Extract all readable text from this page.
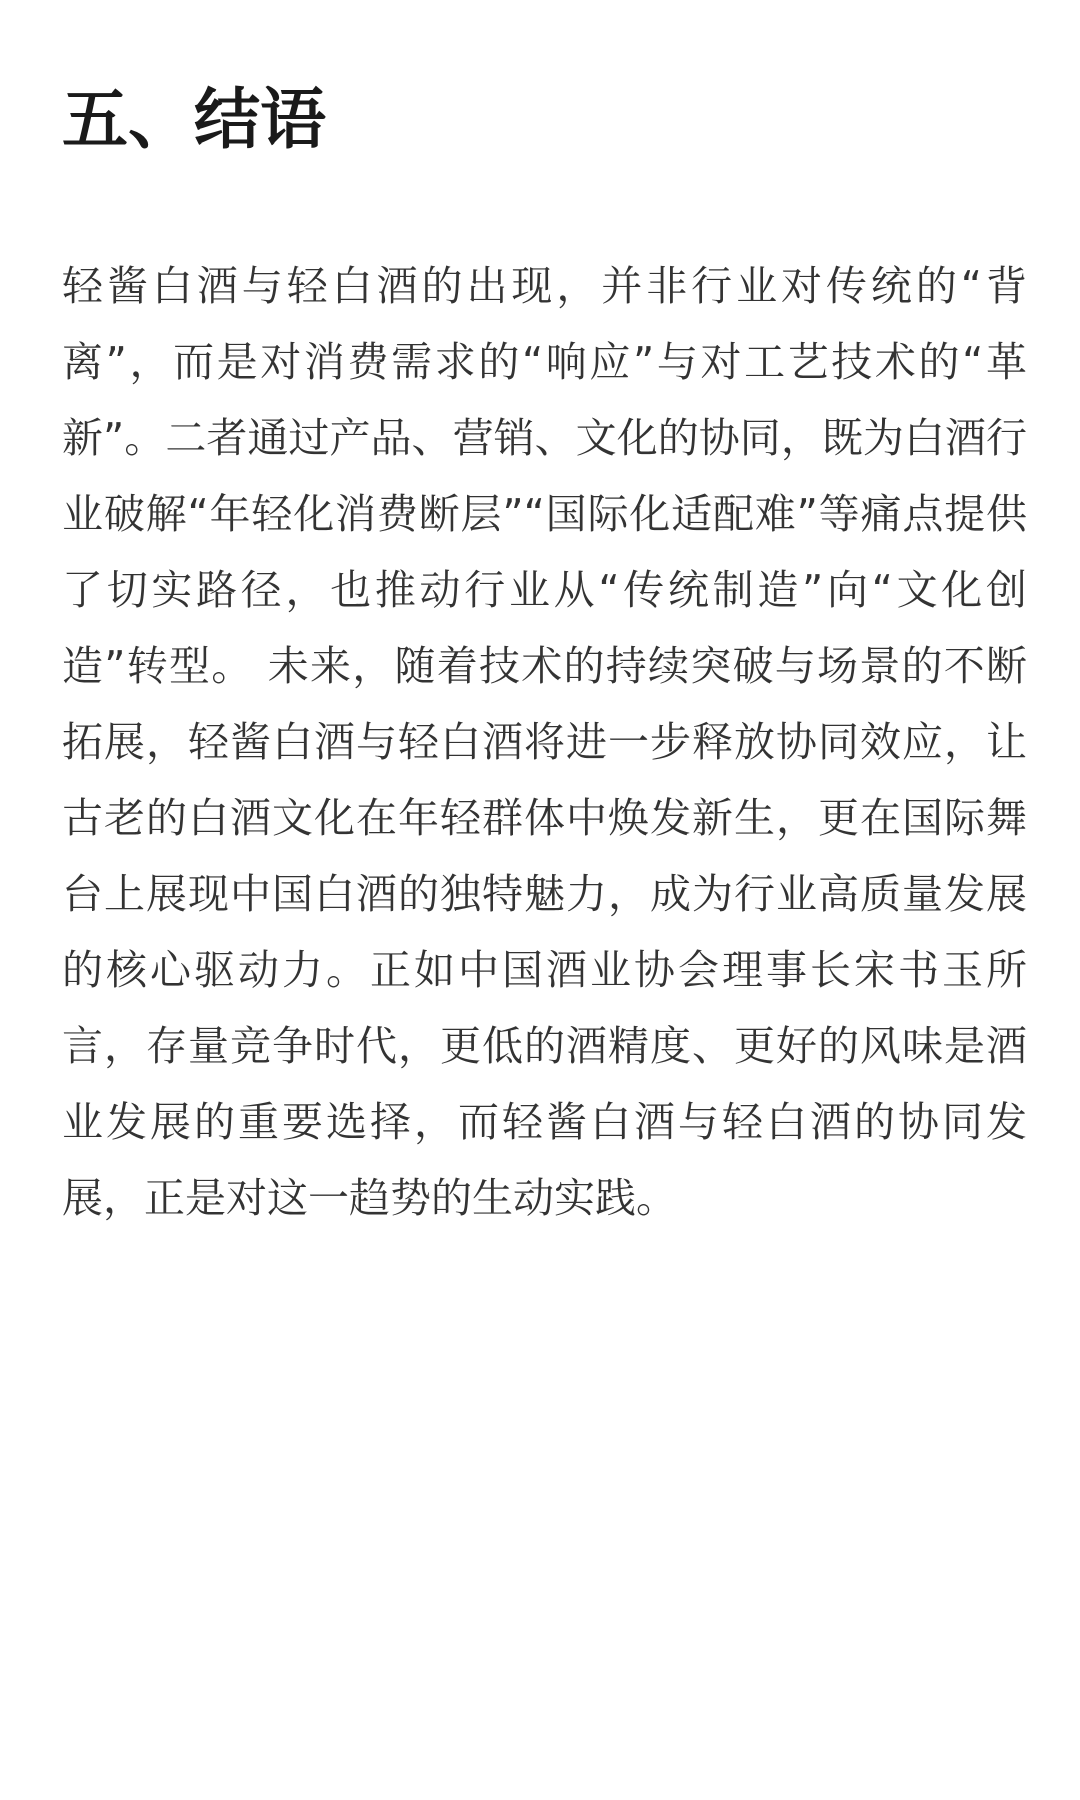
五、结语

轻酱白酒与轻白酒的出现，并非行业对传统的“背离”，而是对消费需求的“响应”与对工艺技术的“革新”。二者通过产品、营销、文化的协同，既为白酒行业破解“年轻化消费断层”“国际化适配难”等痛点提供了切实路径，也推动行业从“传统制造”向“文化创造”转型。 未来，随着技术的持续突破与场景的不断拓展，轻酱白酒与轻白酒将进一步释放协同效应，让古老的白酒文化在年轻群体中焕发新生，更在国际舞台上展现中国白酒的独特魅力，成为行业高质量发展的核心驱动力。正如中国酒业协会理事长宋书玉所言，存量竞争时代，更低的酒精度、更好的风味是酒业发展的重要选择，而轻酱白酒与轻白酒的协同发展，正是对这一趋势的生动实践。
